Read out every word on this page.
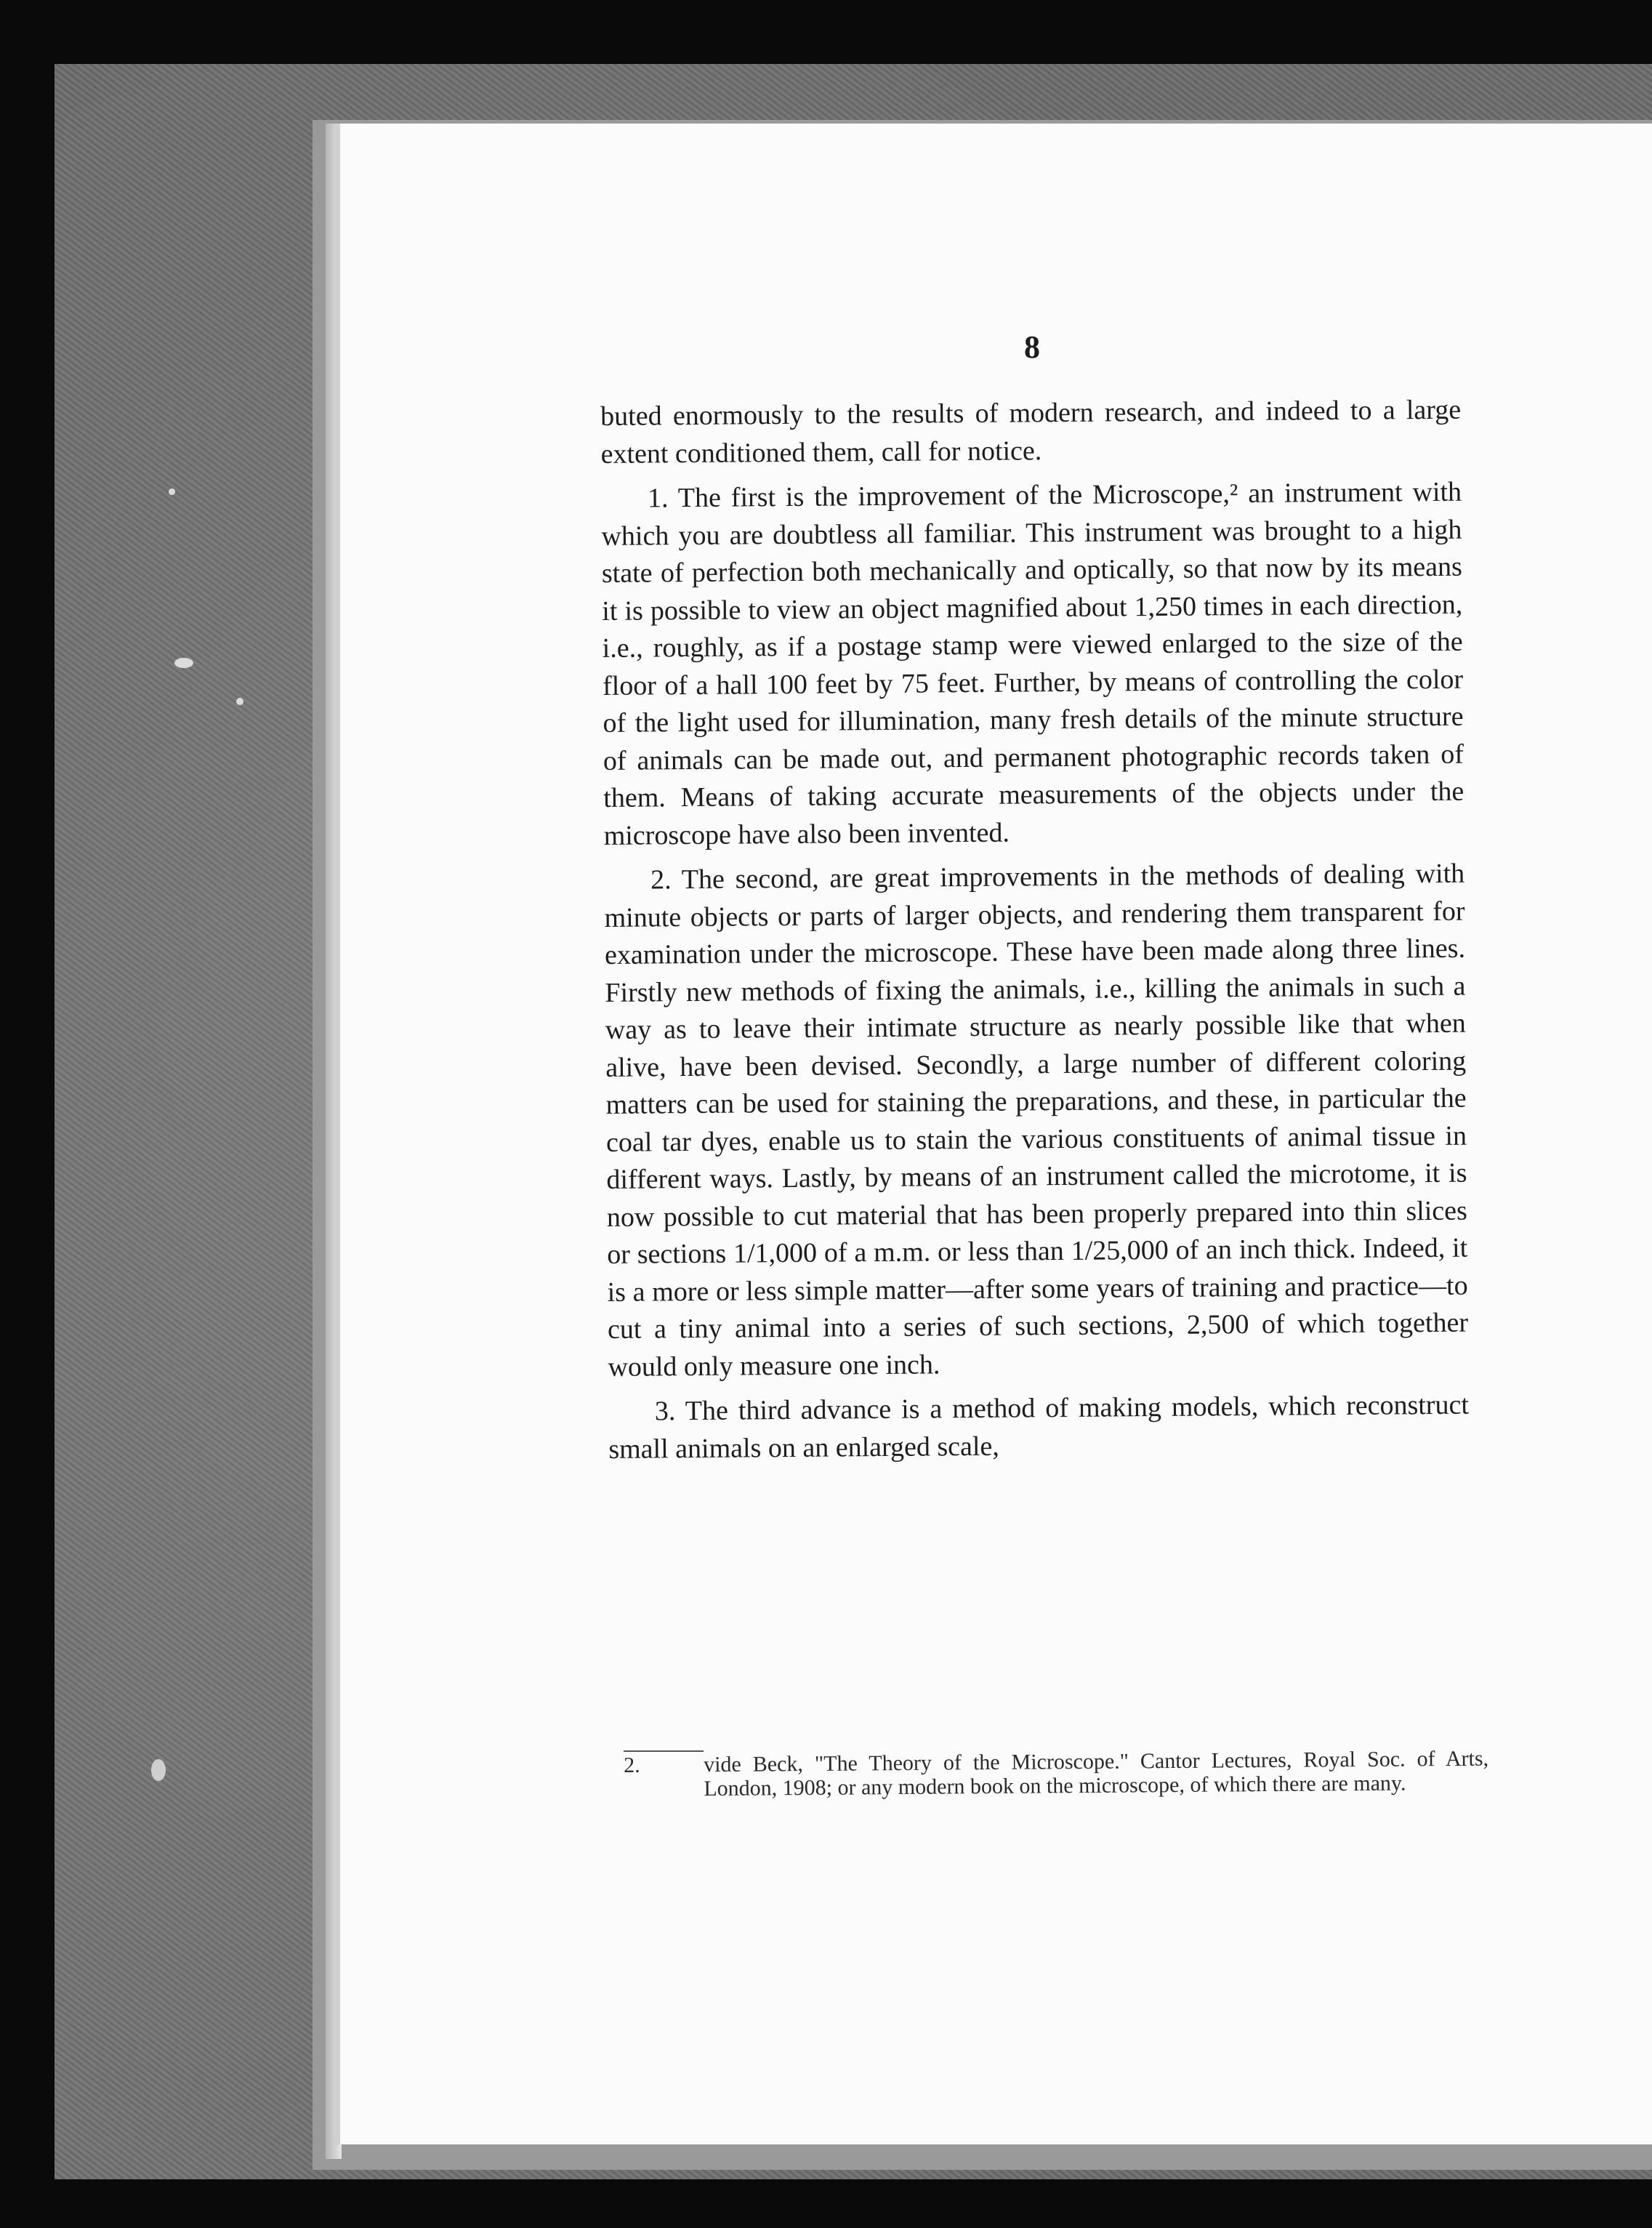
8

buted enormously to the results of modern research, and indeed to a large extent conditioned them, call for notice.

1. The first is the improvement of the Microscope,² an instrument with which you are doubtless all familiar. This instrument was brought to a high state of perfection both mechanically and optically, so that now by its means it is possible to view an object magnified about 1,250 times in each direction, i.e., roughly, as if a postage stamp were viewed enlarged to the size of the floor of a hall 100 feet by 75 feet. Further, by means of controlling the color of the light used for illumination, many fresh details of the minute structure of animals can be made out, and permanent photographic records taken of them. Means of taking accurate measurements of the objects under the microscope have also been invented.

2. The second, are great improvements in the methods of dealing with minute objects or parts of larger objects, and rendering them transparent for examination under the microscope. These have been made along three lines. Firstly new methods of fixing the animals, i.e., killing the animals in such a way as to leave their intimate structure as nearly possible like that when alive, have been devised. Secondly, a large number of different coloring matters can be used for staining the preparations, and these, in particular the coal tar dyes, enable us to stain the various constituents of animal tissue in different ways. Lastly, by means of an instrument called the microtome, it is now possible to cut material that has been properly prepared into thin slices or sections 1/1,000 of a m.m. or less than 1/25,000 of an inch thick. Indeed, it is a more or less simple matter—after some years of training and practice—to cut a tiny animal into a series of such sections, 2,500 of which together would only measure one inch.

3. The third advance is a method of making models, which reconstruct small animals on an enlarged scale,

2.	vide Beck, "The Theory of the Microscope." Cantor Lectures, Royal Soc. of Arts, London, 1908; or any modern book on the microscope, of which there are many.
